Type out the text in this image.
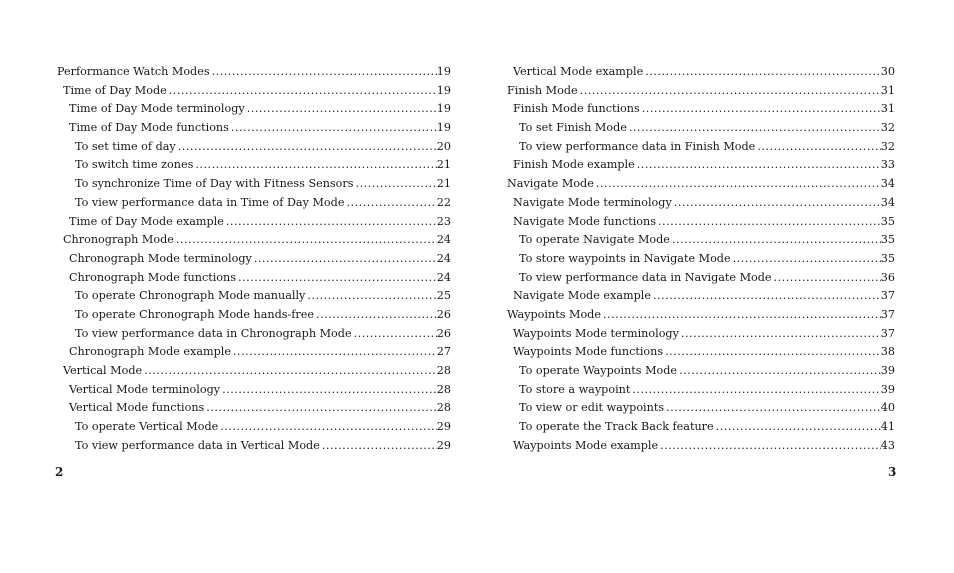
Performance Watch Modes .....	19
Time of Day Mode .....	19
Time of Day Mode terminology .....	19
Time of Day Mode functions .....	19
To set time of day .....	20
To switch time zones .....	21
To synchronize Time of Day with Fitness Sensors .....	21
To view performance data in Time of Day Mode .....	22
Time of Day Mode example .....	23
Chronograph Mode .....	24
Chronograph Mode terminology .....	24
Chronograph Mode functions .....	24
To operate Chronograph Mode manually .....	25
To operate Chronograph Mode hands-free .....	26
To view performance data in Chronograph Mode .....	26
Chronograph Mode example .....	27
Vertical Mode .....	28
Vertical Mode terminology .....	28
Vertical Mode functions .....	28
To operate Vertical Mode .....	29
To view performance data in Vertical Mode .....	29
Vertical Mode example .....	30
Finish Mode .....	31
Finish Mode functions .....	31
To set Finish Mode .....	32
To view performance data in Finish Mode .....	32
Finish Mode example .....	33
Navigate Mode .....	34
Navigate Mode terminology .....	34
Navigate Mode functions .....	35
To operate Navigate Mode .....	35
To store waypoints in Navigate Mode .....	35
To view performance data in Navigate Mode .....	36
Navigate Mode example .....	37
Waypoints Mode .....	37
Waypoints Mode terminology .....	37
Waypoints Mode functions .....	38
To operate Waypoints Mode .....	39
To store a waypoint .....	39
To view or edit waypoints .....	40
To operate the Track Back feature .....	41
Waypoints Mode example .....	43
2	3
